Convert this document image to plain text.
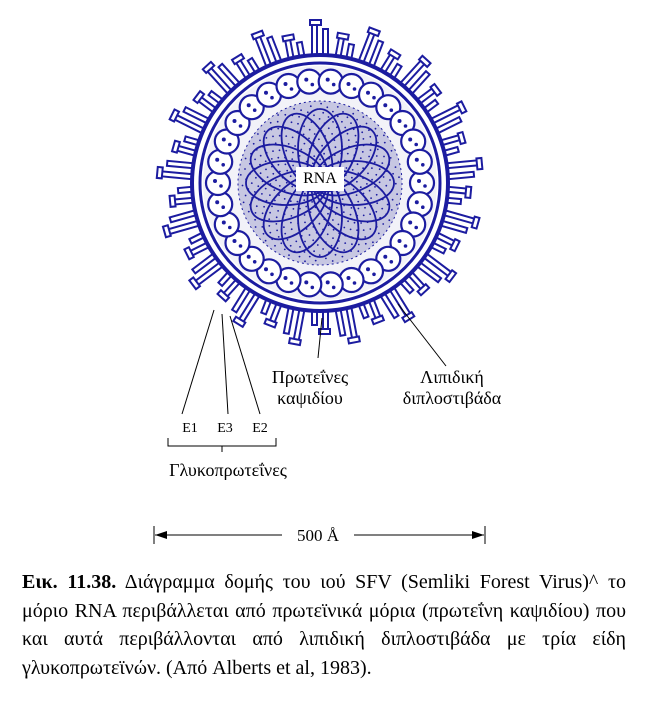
RNA
Πρωτεΐνες
καψιδίου
Λιπιδική
διπλοστιβάδα
E1 E3 E2
Γλυκοπρωτεΐνες
500 Å
Εικ. 11.38. Διάγραμμα δομής του ιού SFV (Semliki Forest Virus)^ το μόριο RNA περιβάλλεται από πρωτεϊνικά μόρια (πρωτεΐνη καψιδίου) που και αυτά περιβάλλονται από λιπιδική διπλοστιβάδα με τρία είδη γλυκοπρωτεϊνών. (Από Alberts et al, 1983).
